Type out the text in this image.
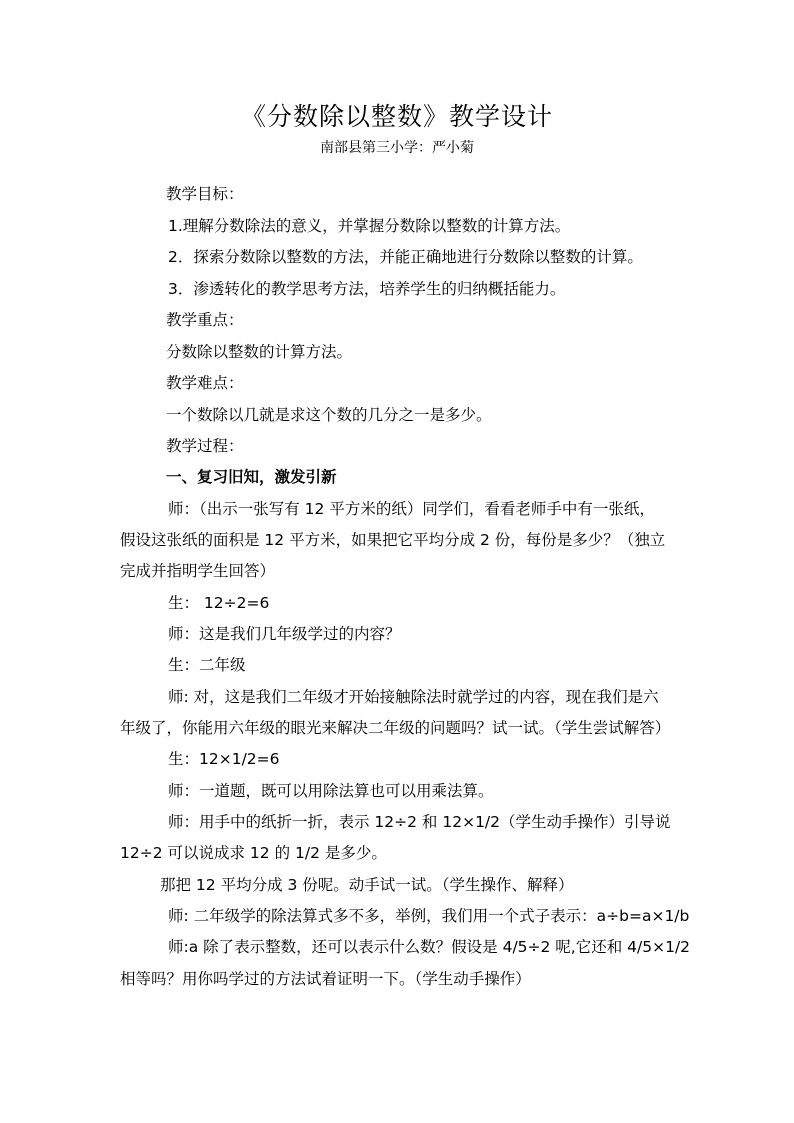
《分数除以整数》教学设计
南部县第三小学：严小菊
教学目标：
1.理解分数除法的意义，并掌握分数除以整数的计算方法。
2．探索分数除以整数的方法，并能正确地进行分数除以整数的计算。
3．渗透转化的教学思考方法，培养学生的归纳概括能力。
教学重点：
分数除以整数的计算方法。
教学难点：
一个数除以几就是求这个数的几分之一是多少。
教学过程：
一、复习旧知，激发引新
师：（出示一张写有 12 平方米的纸）同学们，看看老师手中有一张纸，
假设这张纸的面积是 12 平方米，如果把它平均分成 2 份，每份是多少？（独立
完成并指明学生回答）
生： 12÷2=6
师：这是我们几年级学过的内容？
生：二年级
师: 对，这是我们二年级才开始接触除法时就学过的内容，现在我们是六
年级了，你能用六年级的眼光来解决二年级的问题吗？试一试。（学生尝试解答）
生：12×1/2=6
师：一道题，既可以用除法算也可以用乘法算。
师：用手中的纸折一折，表示 12÷2 和 12×1/2（学生动手操作）引导说
12÷2 可以说成求 12 的 1/2 是多少。
那把 12 平均分成 3 份呢。动手试一试。（学生操作、解释）
师: 二年级学的除法算式多不多，举例，我们用一个式子表示：a÷b=a×1/b
师:a 除了表示整数，还可以表示什么数？假设是 4/5÷2 呢,它还和 4/5×1/2
相等吗？用你吗学过的方法试着证明一下。（学生动手操作）
